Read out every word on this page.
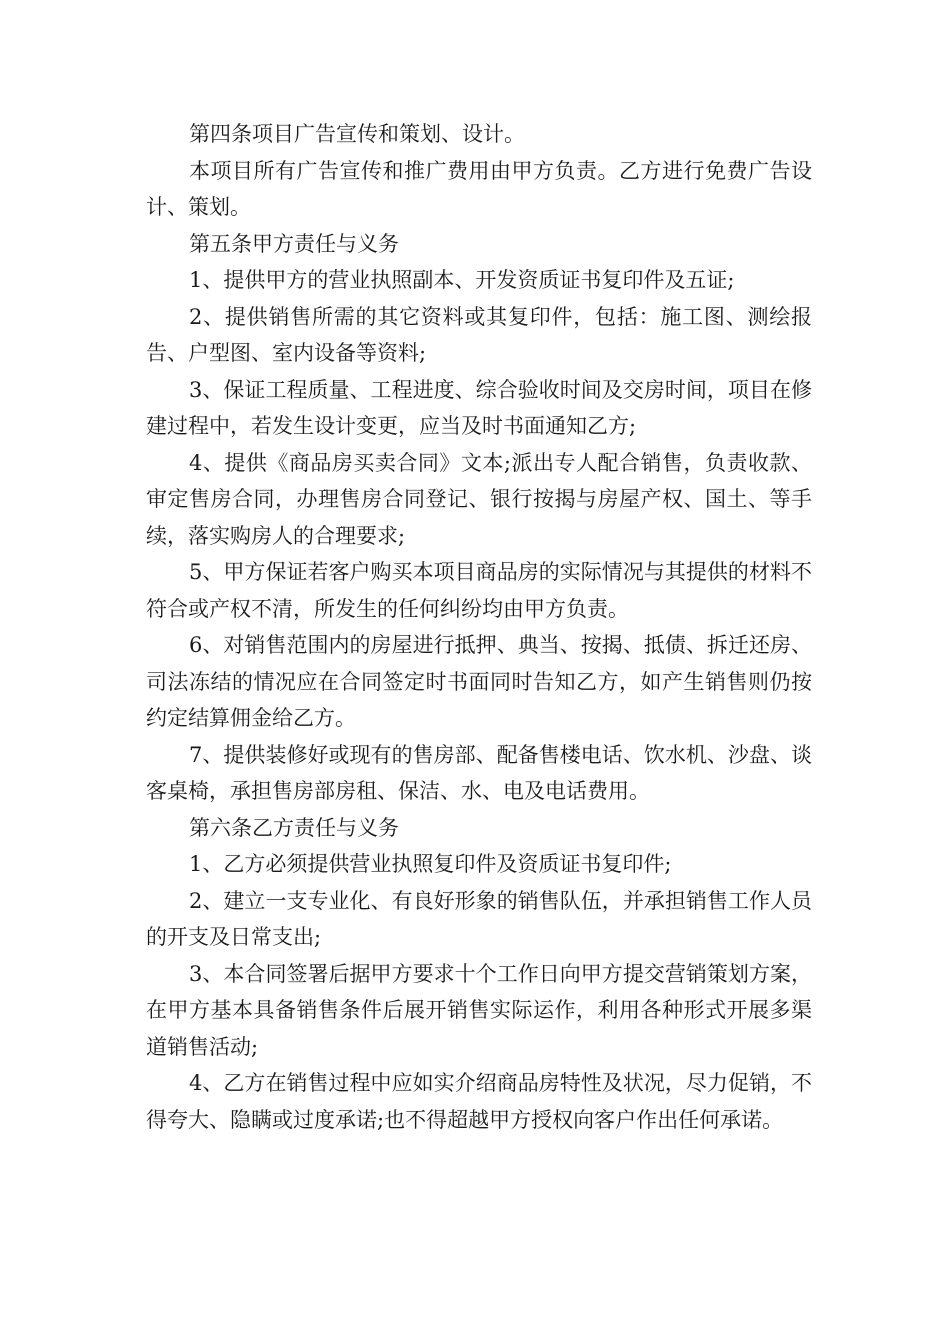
第四条项目广告宣传和策划、设计。

本项目所有广告宣传和推广费用由甲方负责。乙方进行免费广告设计、策划。

第五条甲方责任与义务

1、提供甲方的营业执照副本、开发资质证书复印件及五证;

2、提供销售所需的其它资料或其复印件，包括：施工图、测绘报告、户型图、室内设备等资料;

3、保证工程质量、工程进度、综合验收时间及交房时间，项目在修建过程中，若发生设计变更，应当及时书面通知乙方;

4、提供《商品房买卖合同》文本;派出专人配合销售，负责收款、审定售房合同，办理售房合同登记、银行按揭与房屋产权、国土、等手续，落实购房人的合理要求;

5、甲方保证若客户购买本项目商品房的实际情况与其提供的材料不符合或产权不清，所发生的任何纠纷均由甲方负责。

6、对销售范围内的房屋进行抵押、典当、按揭、抵债、拆迁还房、司法冻结的情况应在合同签定时书面同时告知乙方，如产生销售则仍按约定结算佣金给乙方。

7、提供装修好或现有的售房部、配备售楼电话、饮水机、沙盘、谈客桌椅，承担售房部房租、保洁、水、电及电话费用。

第六条乙方责任与义务

1、乙方必须提供营业执照复印件及资质证书复印件;

2、建立一支专业化、有良好形象的销售队伍，并承担销售工作人员的开支及日常支出;

3、本合同签署后据甲方要求十个工作日向甲方提交营销策划方案，在甲方基本具备销售条件后展开销售实际运作，利用各种形式开展多渠道销售活动;

4、乙方在销售过程中应如实介绍商品房特性及状况，尽力促销，不得夸大、隐瞒或过度承诺;也不得超越甲方授权向客户作出任何承诺。
